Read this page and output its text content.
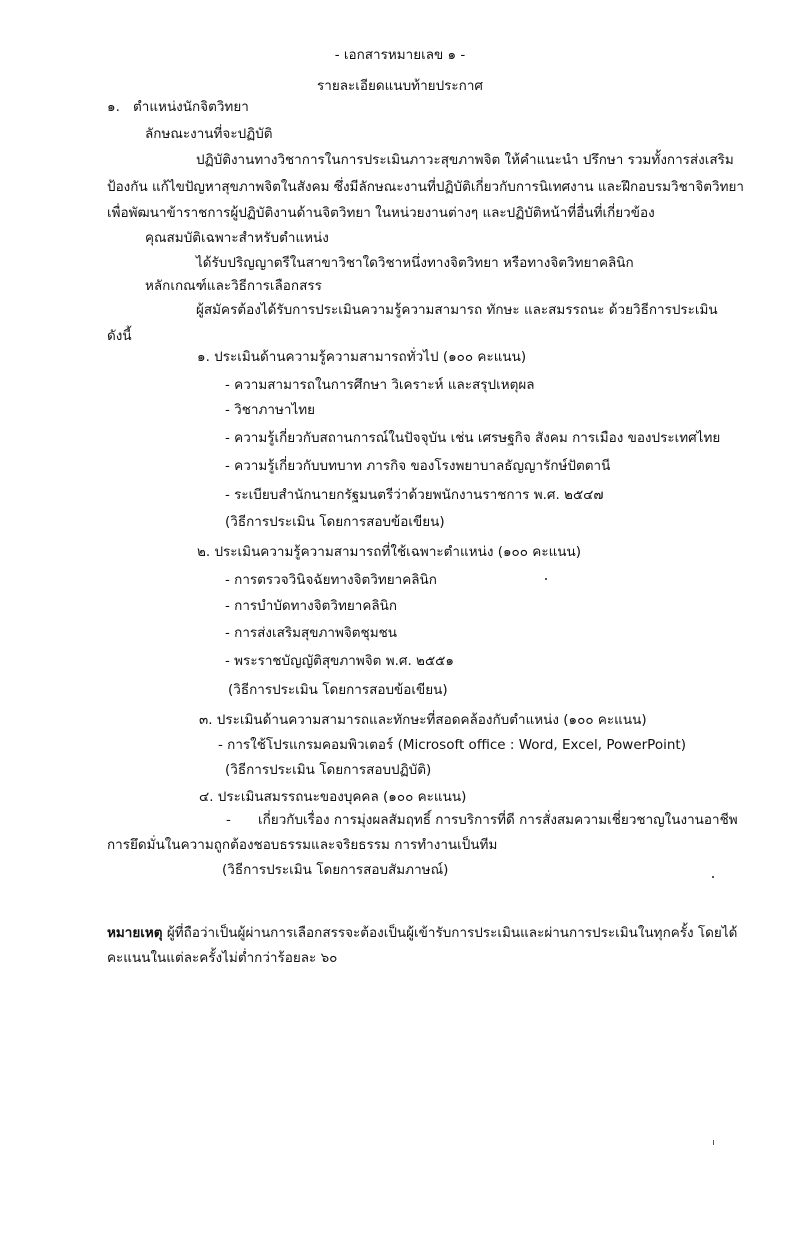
- เอกสารหมายเลข ๑ -
รายละเอียดแนบท้ายประกาศ
๑. ตำแหน่งนักจิตวิทยา
ลักษณะงานที่จะปฏิบัติ
ปฏิบัติงานทางวิชาการในการประเมินภาวะสุขภาพจิต ให้คำแนะนำ ปรึกษา รวมทั้งการส่งเสริม
ป้องกัน แก้ไขปัญหาสุขภาพจิตในสังคม ซึ่งมีลักษณะงานที่ปฏิบัติเกี่ยวกับการนิเทศงาน และฝึกอบรมวิชาจิตวิทยา
เพื่อพัฒนาข้าราชการผู้ปฏิบัติงานด้านจิตวิทยา ในหน่วยงานต่างๆ และปฏิบัติหน้าที่อื่นที่เกี่ยวข้อง
คุณสมบัติเฉพาะสำหรับตำแหน่ง
ได้รับปริญญาตรีในสาขาวิชาใดวิชาหนึ่งทางจิตวิทยา หรือทางจิตวิทยาคลินิก
หลักเกณฑ์และวิธีการเลือกสรร
ผู้สมัครต้องได้รับการประเมินความรู้ความสามารถ ทักษะ และสมรรถนะ ด้วยวิธีการประเมิน
ดังนี้
๑. ประเมินด้านความรู้ความสามารถทั่วไป (๑๐๐ คะแนน)
- ความสามารถในการศึกษา วิเคราะห์ และสรุปเหตุผล
- วิชาภาษาไทย
- ความรู้เกี่ยวกับสถานการณ์ในปัจจุบัน เช่น เศรษฐกิจ สังคม การเมือง ของประเทศไทย
- ความรู้เกี่ยวกับบทบาท ภารกิจ ของโรงพยาบาลธัญญารักษ์ปัตตานี
- ระเบียบสำนักนายกรัฐมนตรีว่าด้วยพนักงานราชการ พ.ศ. ๒๕๔๗
(วิธีการประเมิน โดยการสอบข้อเขียน)
๒. ประเมินความรู้ความสามารถที่ใช้เฉพาะตำแหน่ง (๑๐๐ คะแนน)
- การตรวจวินิจฉัยทางจิตวิทยาคลินิก
- การบำบัดทางจิตวิทยาคลินิก
- การส่งเสริมสุขภาพจิตชุมชน
- พระราชบัญญัติสุขภาพจิต พ.ศ. ๒๕๕๑
(วิธีการประเมิน โดยการสอบข้อเขียน)
๓. ประเมินด้านความสามารถและทักษะที่สอดคล้องกับตำแหน่ง (๑๐๐ คะแนน)
- การใช้โปรแกรมคอมพิวเตอร์ (Microsoft office : Word, Excel, PowerPoint)
(วิธีการประเมิน โดยการสอบปฏิบัติ)
๔. ประเมินสมรรถนะของบุคคล (๑๐๐ คะแนน)
- เกี่ยวกับเรื่อง การมุ่งผลสัมฤทธิ์ การบริการที่ดี การสั่งสมความเชี่ยวชาญในงานอาชีพ
การยึดมั่นในความถูกต้องชอบธรรมและจริยธรรม การทำงานเป็นทีม
(วิธีการประเมิน โดยการสอบสัมภาษณ์)
หมายเหตุ ผู้ที่ถือว่าเป็นผู้ผ่านการเลือกสรรจะต้องเป็นผู้เข้ารับการประเมินและผ่านการประเมินในทุกครั้ง โดยได้
คะแนนในแต่ละครั้งไม่ต่ำกว่าร้อยละ ๖๐
